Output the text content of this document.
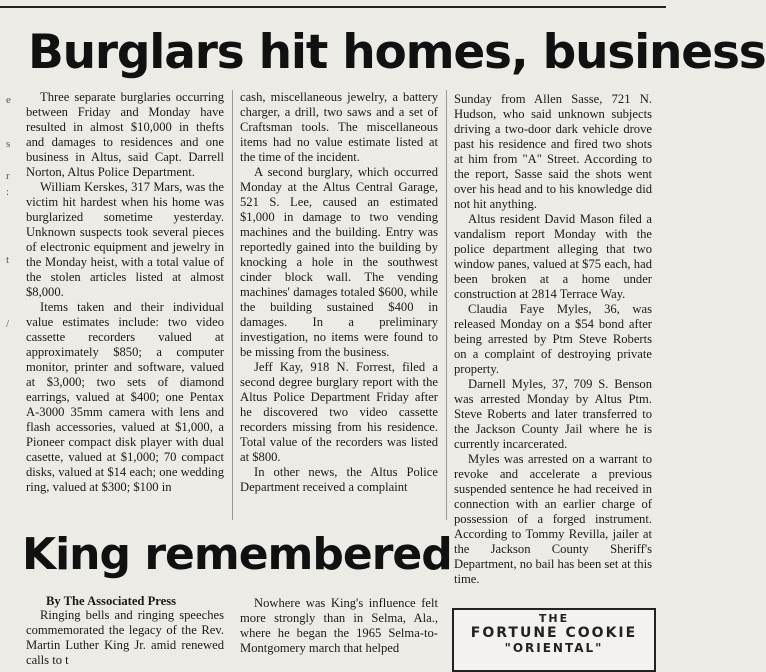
e
s
r
:
t
/
Burglars hit homes, business

Three separate burglaries occurring between Friday and Monday have resulted in almost $10,000 in thefts and damages to residences and one business in Altus, said Capt. Darrell Norton, Altus Police Department.

William Kerskes, 317 Mars, was the victim hit hardest when his home was burglarized sometime yesterday. Unknown suspects took several pieces of electronic equipment and jewelry in the Monday heist, with a total value of the stolen articles listed at almost $8,000.

Items taken and their individual value estimates include: two video cassette recorders valued at approximately $850; a computer monitor, printer and software, valued at $3,000; two sets of diamond earrings, valued at $400; one Pentax A-3000 35mm camera with lens and flash accessories, valued at $1,000, a Pioneer compact disk player with dual casette, valued at $1,000; 70 compact disks, valued at $14 each; one wedding ring, valued at $300; $100 in

cash, miscellaneous jewelry, a battery charger, a drill, two saws and a set of Craftsman tools. The miscellaneous items had no value estimate listed at the time of the incident.

A second burglary, which occurred Monday at the Altus Central Garage, 521 S. Lee, caused an estimated $1,000 in damage to two vending machines and the building. Entry was reportedly gained into the building by knocking a hole in the southwest cinder block wall. The vending machines' damages totaled $600, while the building sustained $400 in damages. In a preliminary investigation, no items were found to be missing from the business.

Jeff Kay, 918 N. Forrest, filed a second degree burglary report with the Altus Police Department Friday after he discovered two video cassette recorders missing from his residence. Total value of the recorders was listed at $800.

In other news, the Altus Police Department received a complaint

Sunday from Allen Sasse, 721 N. Hudson, who said unknown subjects driving a two-door dark vehicle drove past his residence and fired two shots at him from "A" Street. According to the report, Sasse said the shots went over his head and to his knowledge did not hit anything.

Altus resident David Mason filed a vandalism report Monday with the police department alleging that two window panes, valued at $75 each, had been broken at a home under construction at 2814 Terrace Way.

Claudia Faye Myles, 36, was released Monday on a $54 bond after being arrested by Ptm Steve Roberts on a complaint of destroying private property.

Darnell Myles, 37, 709 S. Benson was arrested Monday by Altus Ptm. Steve Roberts and later transferred to the Jackson County Jail where he is currently incarcerated.

Myles was arrested on a warrant to revoke and accelerate a previous suspended sentence he had received in connection with an earlier charge of possession of a forged instrument. According to Tommy Revilla, jailer at the Jackson County Sheriff's Department, no bail has been set at this time.

King remembered
By The Associated Press

Ringing bells and ringing speeches commemorated the legacy of the Rev. Martin Luther King Jr. amid renewed calls to t

Nowhere was King's influence felt more strongly than in Selma, Ala., where he began the 1965 Selma-to-Montgomery march that helped

THE
FORTUNE COOKIE
"ORIENTAL"
